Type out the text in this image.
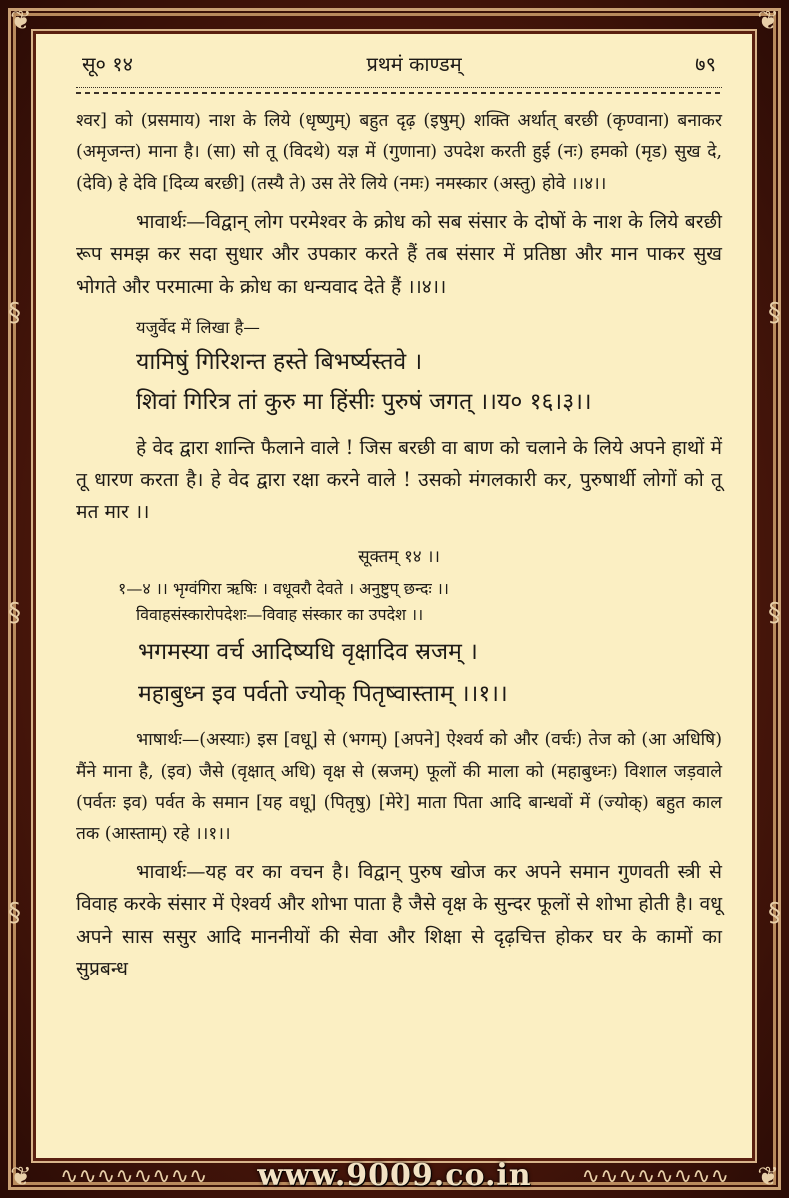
❦	❦
❦	❦
§
§
§
§
§
§
सू० १४	प्रथमं काण्डम्	७९

श्वर] को (प्रसमाय) नाश के लिये (धृष्णुम्) बहुत दृढ़ (इषुम्) शक्ति अर्थात् बरछी (कृण्वाना) बनाकर (अमृजन्त) माना है। (सा) सो तू (विदथे) यज्ञ में (गुणाना) उपदेश करती हुई (नः) हमको (मृड) सुख दे, (देवि) हे देवि [दिव्य बरछी] (तस्यै ते) उस तेरे लिये (नमः) नमस्कार (अस्तु) होवे ।।४।।

भावार्थः—विद्वान् लोग परमेश्वर के क्रोध को सब संसार के दोषों के नाश के लिये बरछी रूप समझ कर सदा सुधार और उपकार करते हैं तब संसार में प्रतिष्ठा और मान पाकर सुख भोगते और परमात्मा के क्रोध का धन्यवाद देते हैं ।।४।।

यजुर्वेद में लिखा है—
यामिषुं गिरिशन्त हस्ते बिभर्ष्यस्तवे ।
शिवां गिरित्र तां कुरु मा हिंसीः पुरुषं जगत् ।।य० १६।३।।

हे वेद द्वारा शान्ति फैलाने वाले ! जिस बरछी वा बाण को चलाने के लिये अपने हाथों में तू धारण करता है। हे वेद द्वारा रक्षा करने वाले ! उसको मंगलकारी कर, पुरुषार्थी लोगों को तू मत मार ।।

सूक्तम् १४ ।।
१—४ ।। भृग्वंगिरा ऋषिः । वधूवरौ देवते । अनुष्टुप् छन्दः ।।
विवाहसंस्कारोपदेशः—विवाह संस्कार का उपदेश ।।
भगमस्या वर्च आदिष्यधि वृक्षादिव स्रजम् ।
महाबुध्न इव पर्वतो ज्योक् पितृष्वास्ताम् ।।१।।

भाषार्थः—(अस्याः) इस [वधू] से (भगम्) [अपने] ऐश्वर्य को और (वर्चः) तेज को (आ अधिषि) मैंने माना है, (इव) जैसे (वृक्षात् अधि) वृक्ष से (स्रजम्) फूलों की माला को (महाबुध्नः) विशाल जड़वाले (पर्वतः इव) पर्वत के समान [यह वधू] (पितृषु) [मेरे] माता पिता आदि बान्धवों में (ज्योक्) बहुत काल तक (आस्ताम्) रहे ।।१।।

भावार्थः—यह वर का वचन है। विद्वान् पुरुष खोज कर अपने समान गुणवती स्त्री से विवाह करके संसार में ऐश्वर्य और शोभा पाता है जैसे वृक्ष के सुन्दर फूलों से शोभा होती है। वधू अपने सास ससुर आदि माननीयों की सेवा और शिक्षा से दृढ़चित्त होकर घर के कामों का सुप्रबन्ध

∿∿∿∿∿∿∿∿	∿∿∿∿∿∿∿∿
www.9009.co.in
